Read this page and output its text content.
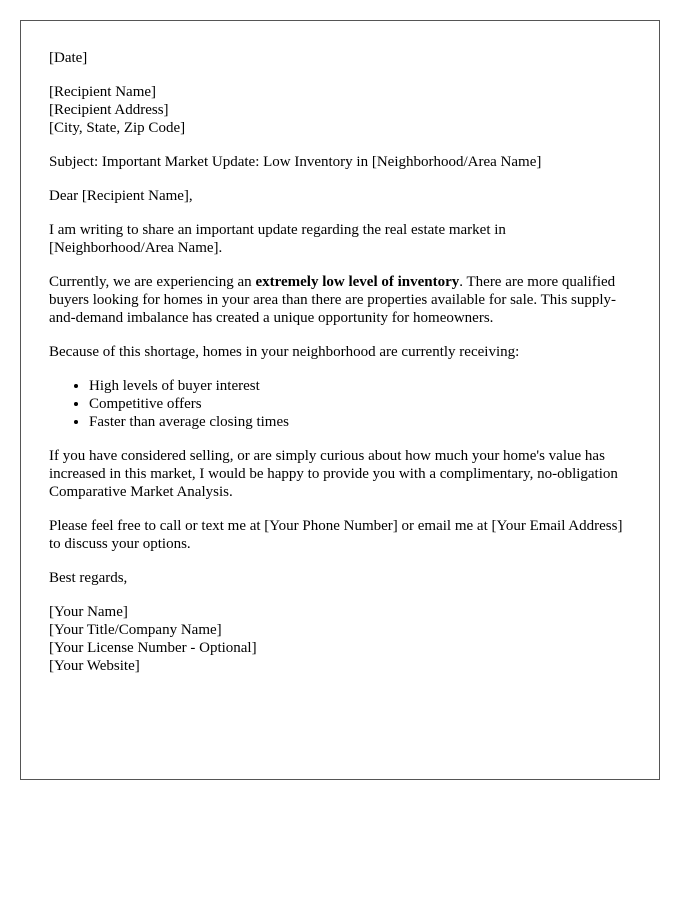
[Date]

[Recipient Name]
[Recipient Address]
[City, State, Zip Code]

Subject: Important Market Update: Low Inventory in [Neighborhood/Area Name]

Dear [Recipient Name],

I am writing to share an important update regarding the real estate market in [Neighborhood/Area Name].

Currently, we are experiencing an extremely low level of inventory. There are more qualified buyers looking for homes in your area than there are properties available for sale. This supply-and-demand imbalance has created a unique opportunity for homeowners.

Because of this shortage, homes in your neighborhood are currently receiving:

• High levels of buyer interest
• Competitive offers
• Faster than average closing times

If you have considered selling, or are simply curious about how much your home's value has increased in this market, I would be happy to provide you with a complimentary, no-obligation Comparative Market Analysis.

Please feel free to call or text me at [Your Phone Number] or email me at [Your Email Address] to discuss your options.

Best regards,

[Your Name]
[Your Title/Company Name]
[Your License Number - Optional]
[Your Website]
